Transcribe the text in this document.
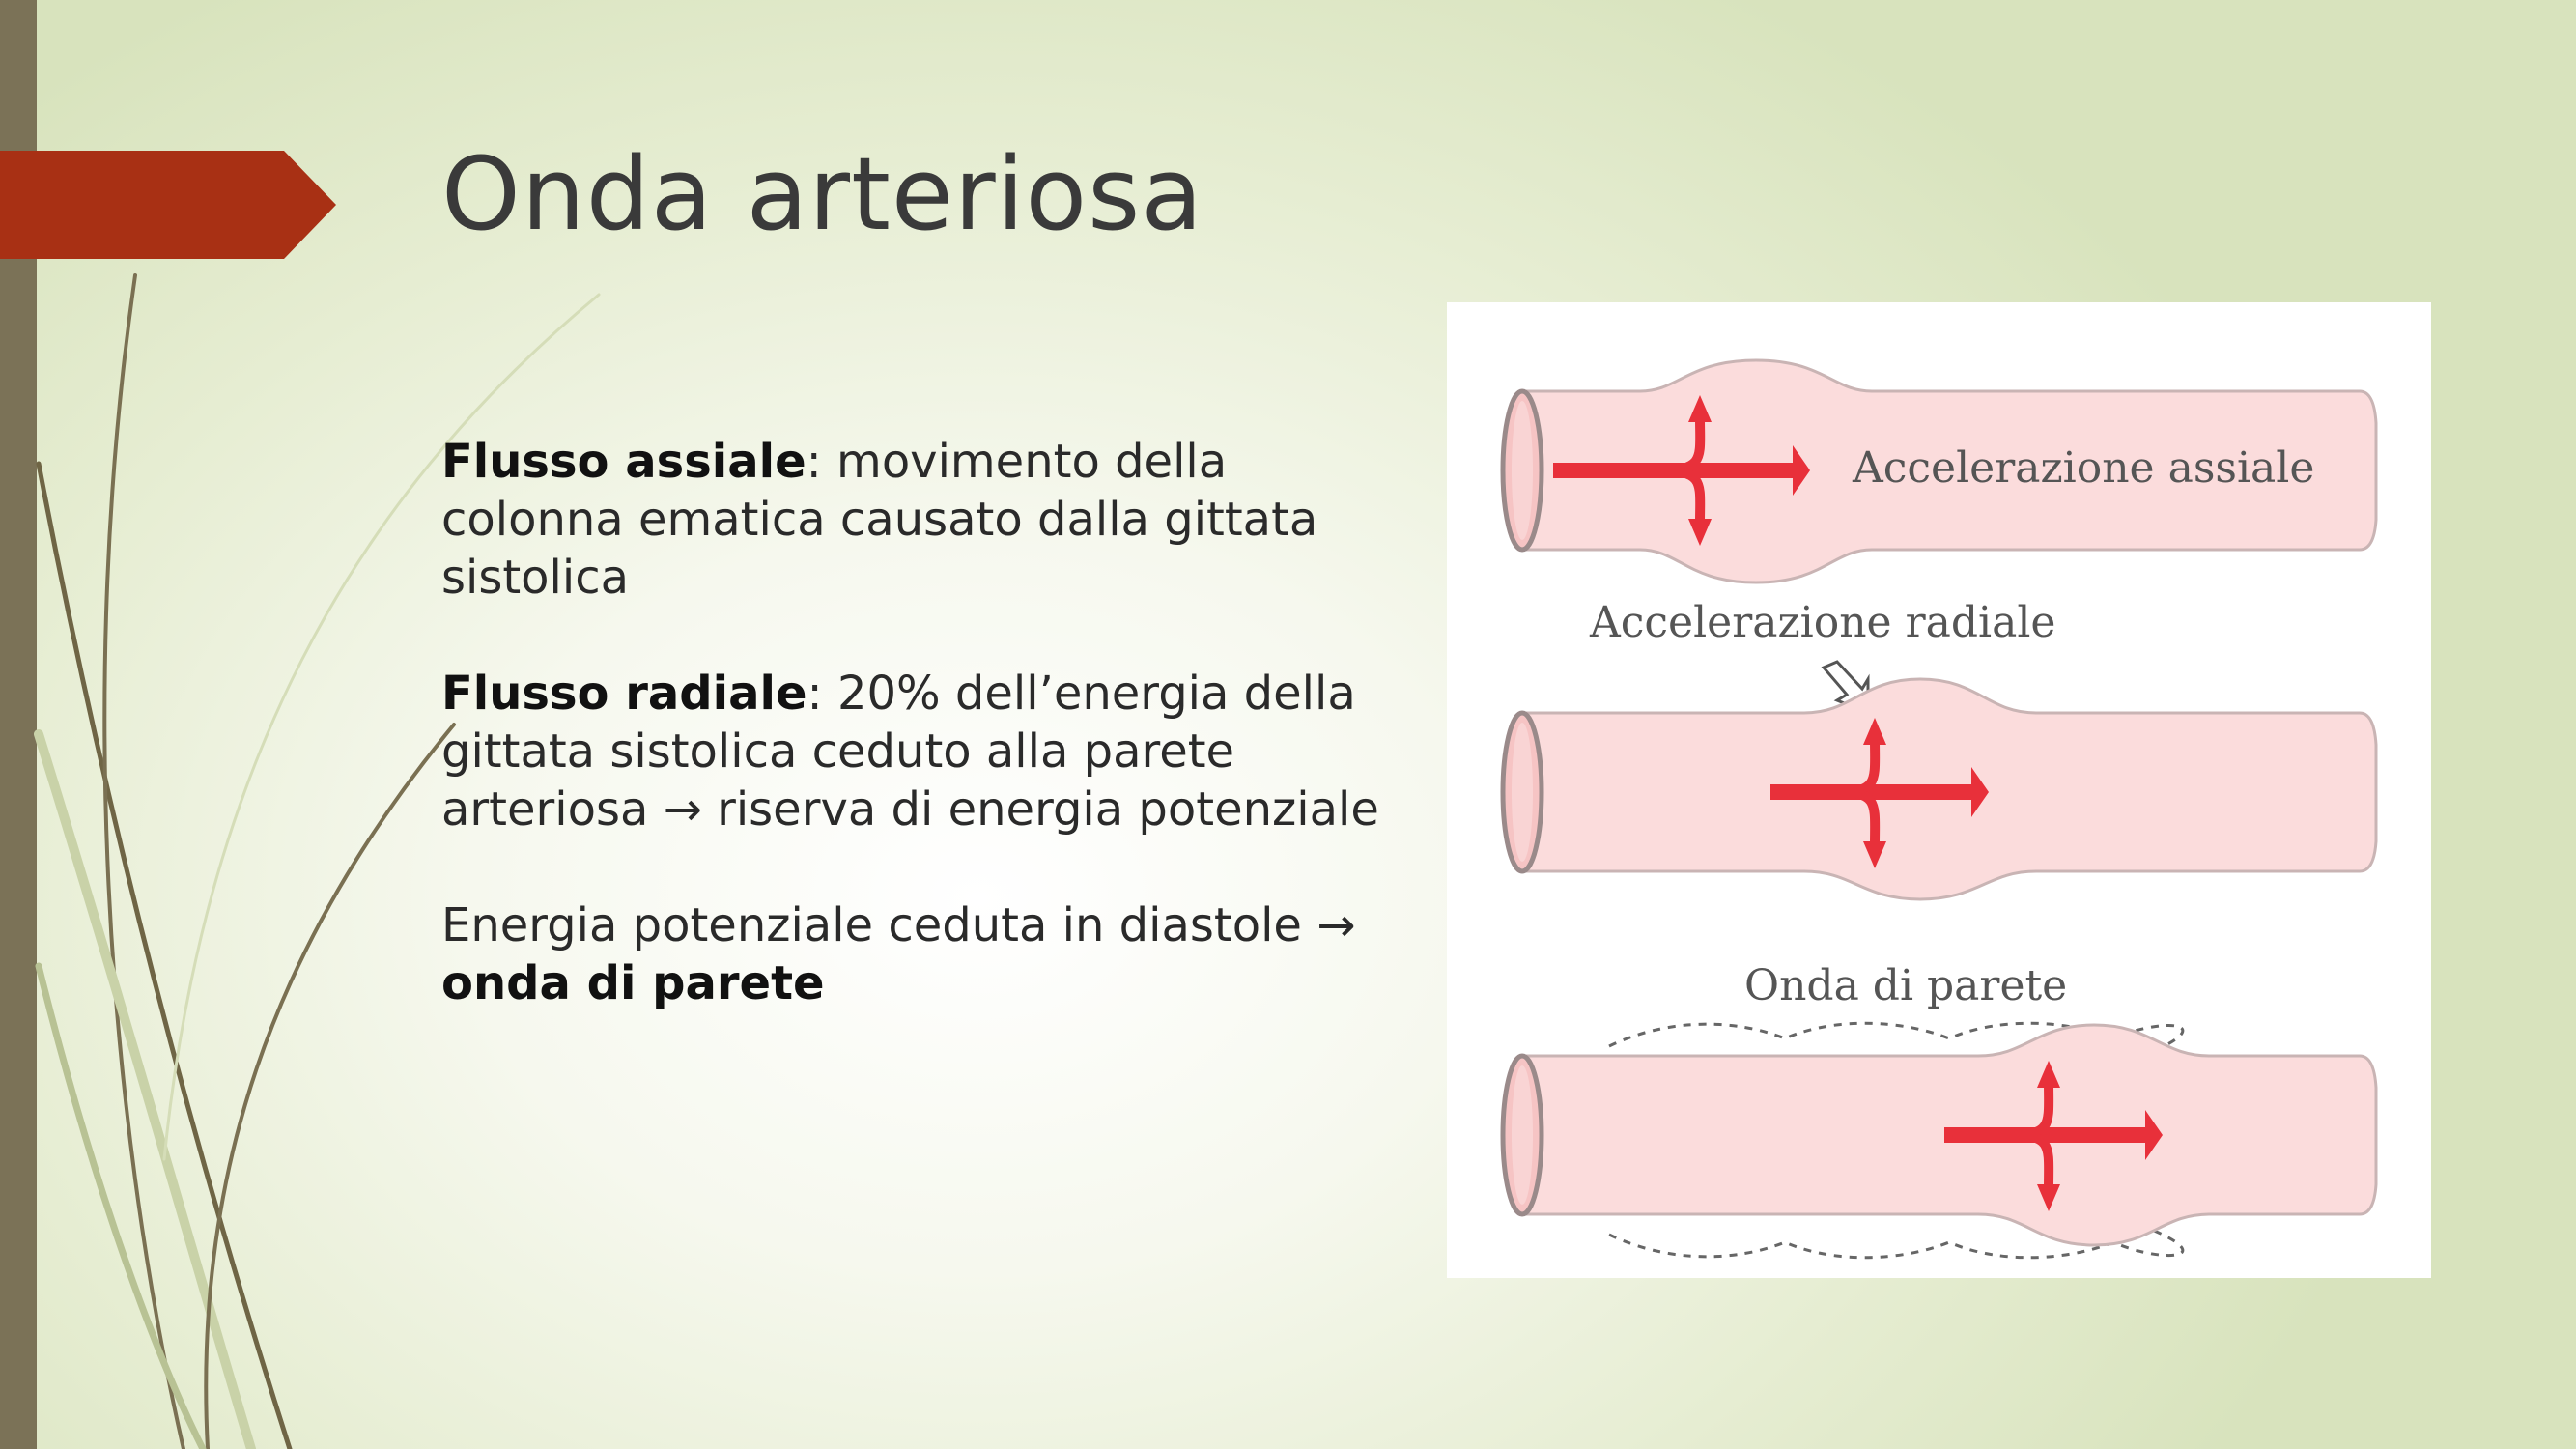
Onda arteriosa

Flusso assiale: movimento della colonna ematica causato dalla gittata sistolica

Flusso radiale: 20% dell’energia della gittata sistolica ceduto alla parete arteriosa → riserva di energia potenziale

Energia potenziale ceduta in diastole → onda di parete

Accelerazione assiale
Accelerazione radiale
Onda di parete
